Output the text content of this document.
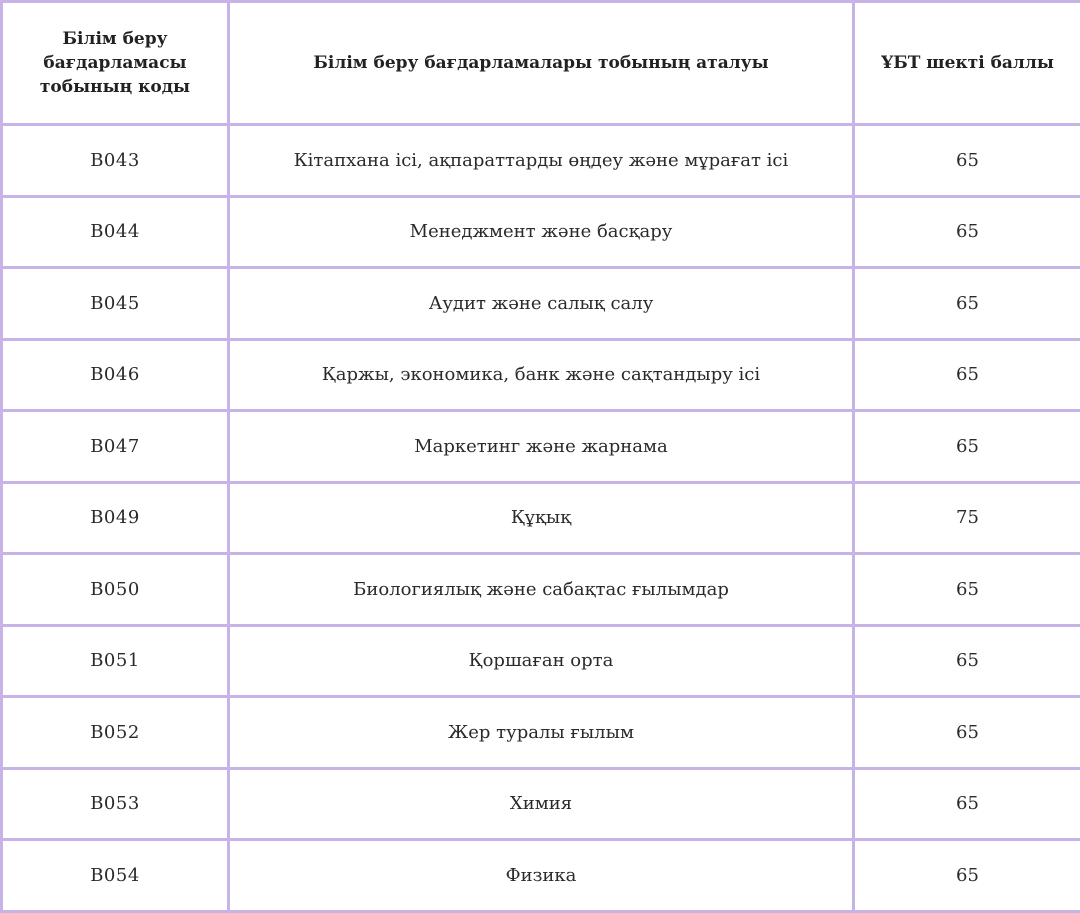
Білім беру
бағдарламасы
тобының коды	Білім беру бағдарламалары тобының аталуы	ҰБТ шекті баллы
B043	Кітапхана ісі, ақпараттарды өңдеу және мұрағат ісі	65
B044	Менеджмент және басқару	65
B045	Аудит және салық салу	65
B046	Қаржы, экономика, банк және сақтандыру ісі	65
B047	Маркетинг және жарнама	65
B049	Құқық	75
B050	Биологиялық және сабақтас ғылымдар	65
B051	Қоршаған орта	65
B052	Жер туралы ғылым	65
B053	Химия	65
B054	Физика	65
